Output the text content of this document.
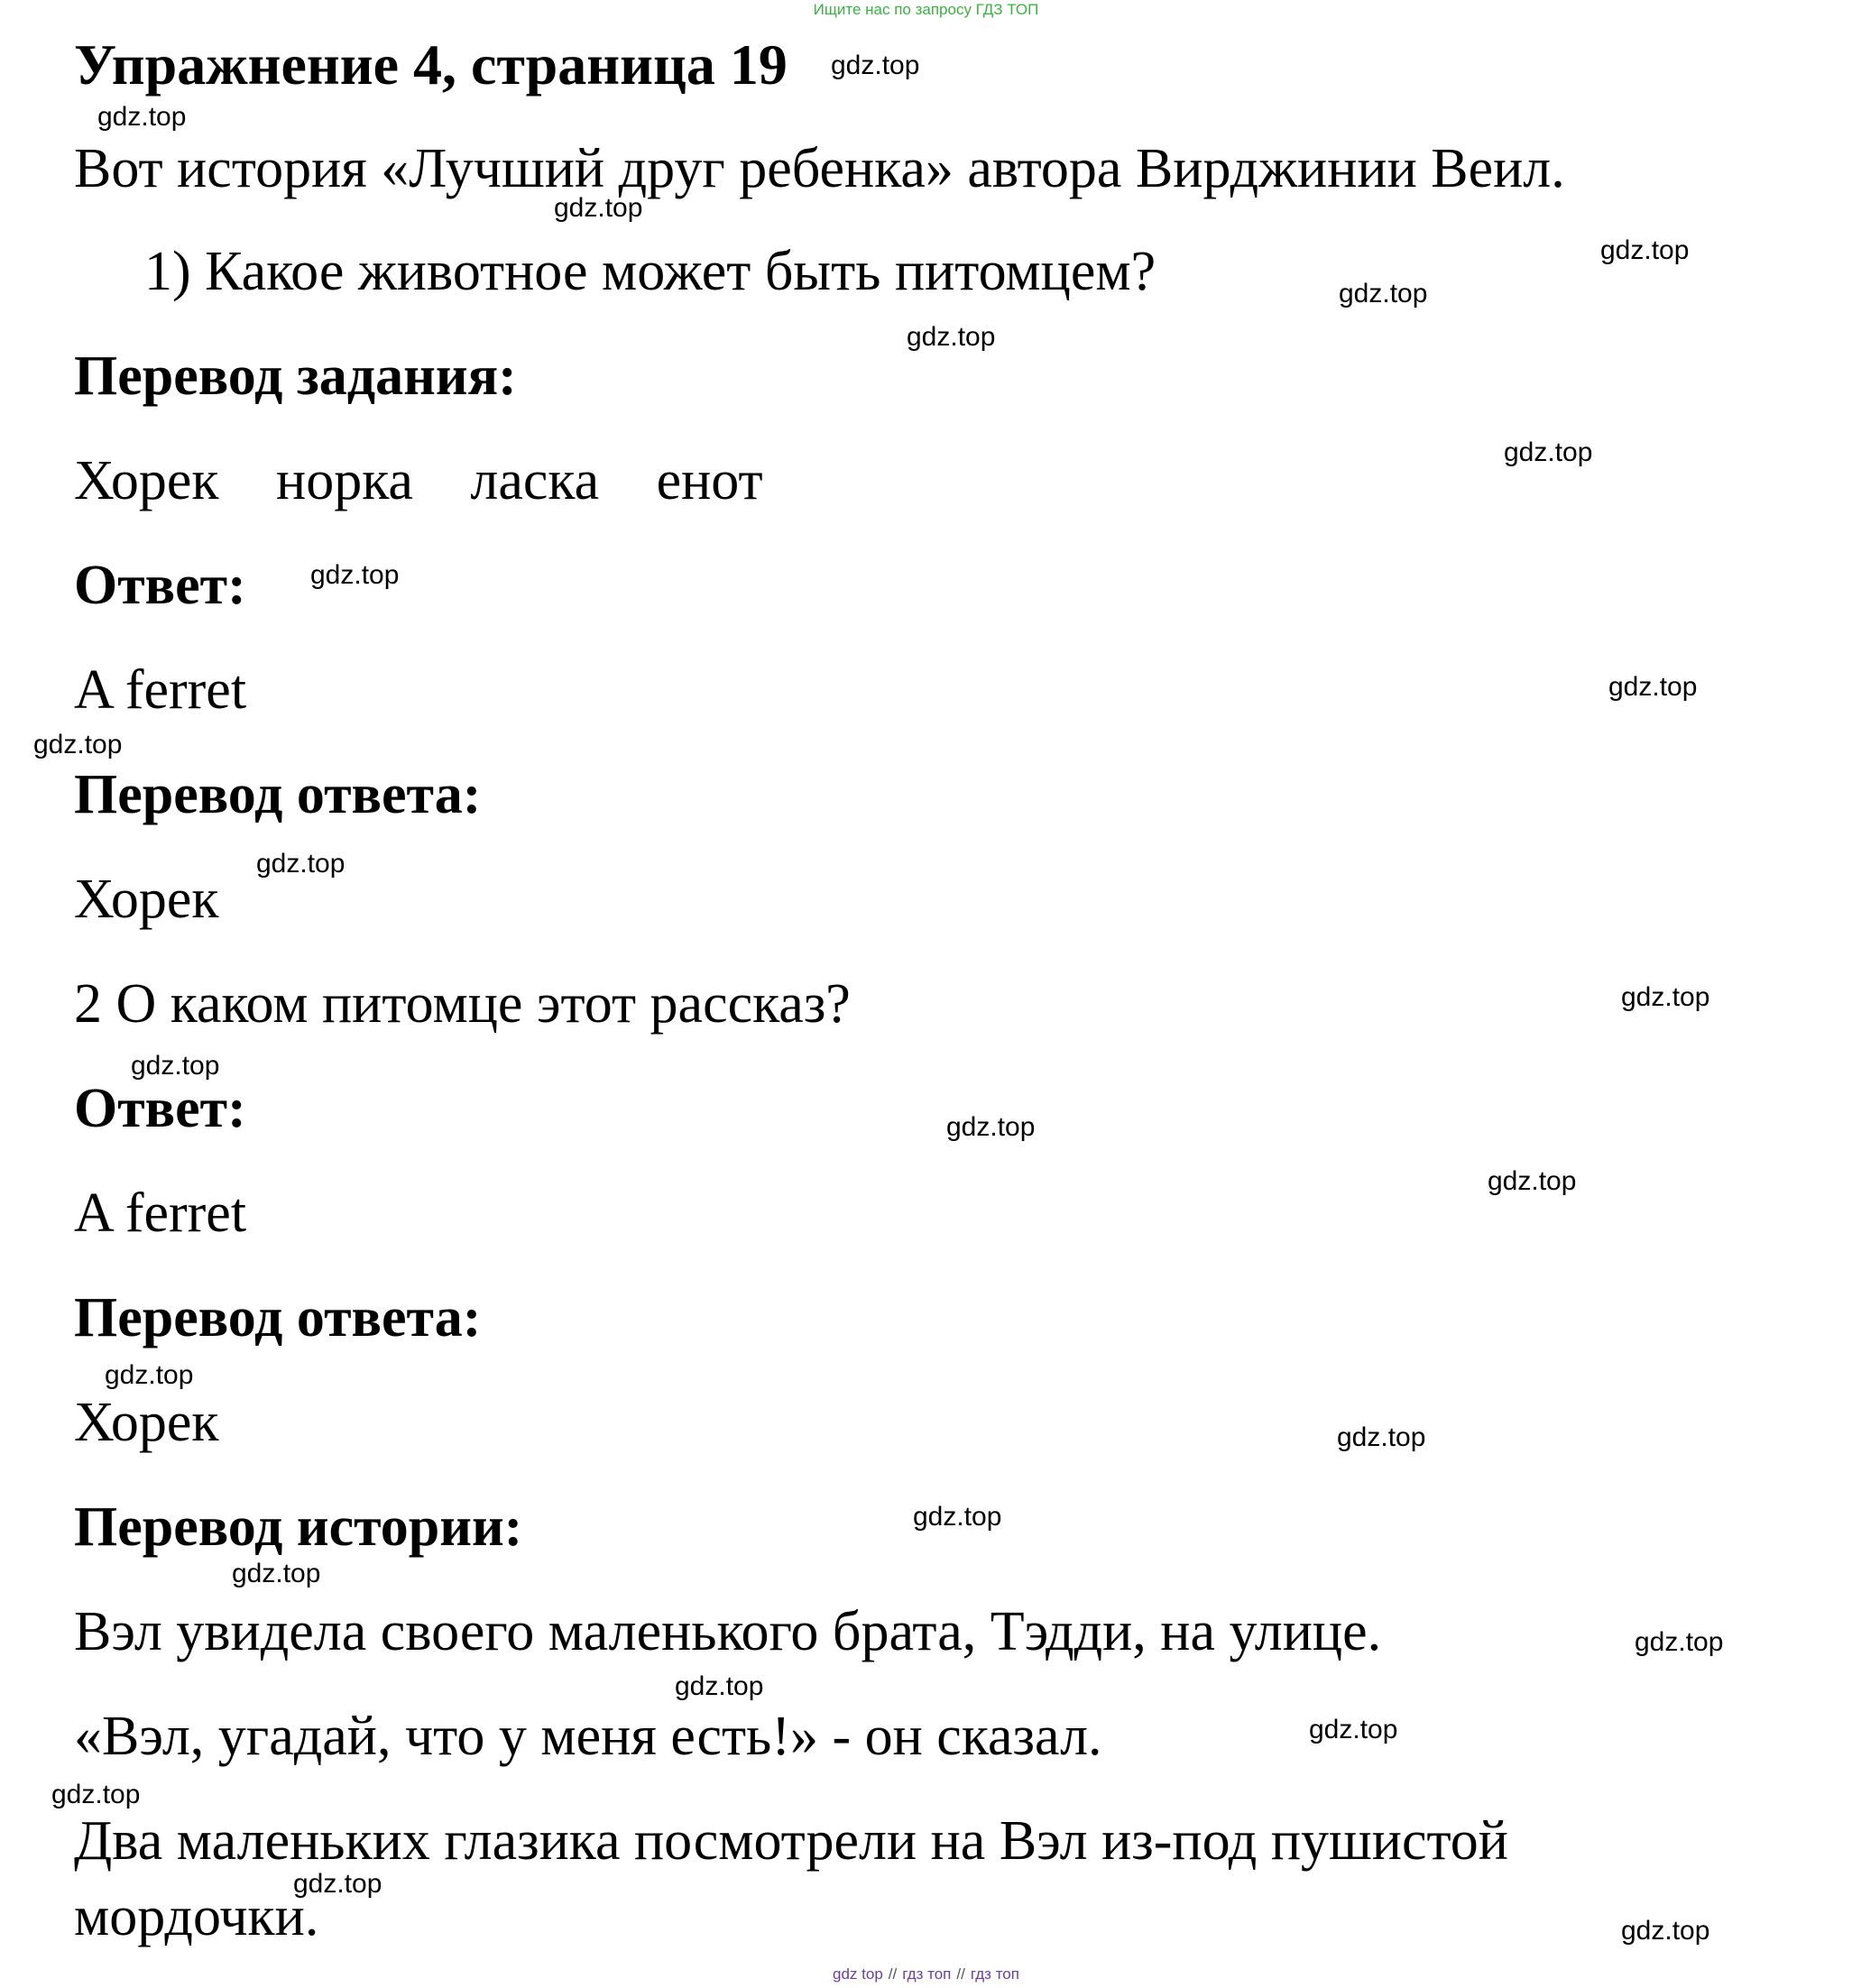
Ищите нас по запросу ГДЗ ТОП
Упражнение 4, страница 19
Вот история «Лучший друг ребенка» автора Вирджинии Веил.
1) Какое животное может быть питомцем?
Перевод задания:
Хорек норка ласка енот
Ответ:
A ferret
Перевод ответа:
Хорек
2 О каком питомце этот рассказ?
Ответ:
A ferret
Перевод ответа:
Хорек
Перевод истории:
Вэл увидела своего маленького брата, Тэдди, на улице.
«Вэл, угадай, что у меня есть!» - он сказал.
Два маленьких глазика посмотрели на Вэл из-под пушистой
мордочки.
gdz.top
gdz.top
gdz.top
gdz.top
gdz.top
gdz.top
gdz.top
gdz.top
gdz.top
gdz.top
gdz.top
gdz.top
gdz.top
gdz.top
gdz.top
gdz.top
gdz.top
gdz.top
gdz.top
gdz.top
gdz.top
gdz.top
gdz.top
gdz.top
gdz.top
gdz top // гдз топ // гдз топ
